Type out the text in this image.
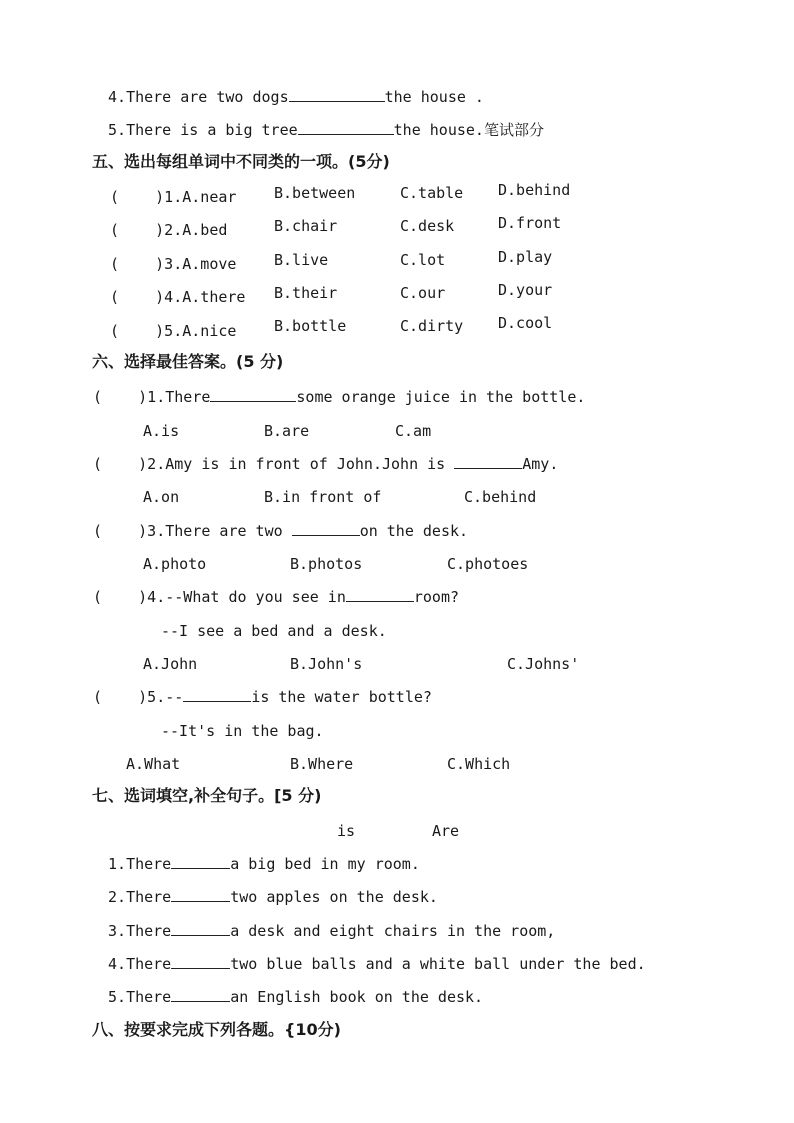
4.There are two dogs	the house .
5.There is a big tree	the house.笔试部分
五、选出每组单词中不同类的一项。(5分)
(    )1.A.near	B.between	C.table D.behind
(    )2.A.bed	B.chair	C.desk	D.front
(    )3.A.move	B.live	C.lot	D.play
(    )4.A.there B.their	C.our	D.your
(    )5.A.nice	B.bottle	C.dirty D.cool
六、选择最佳答案。(5 分)
(    )1.There	some orange juice in the bottle.
A.is	B.are	C.am
(    )2.Amy is in front of John.John is	Amy.
A.on	B.in front of	C.behind
(    )3.There are two	on the desk.
A.photo	B.photos	C.photoes
(    )4.--What do you see in	room?
--I see a bed and a desk.
A.John	B.John's	C.Johns'
(    )5.--	is the water bottle?
--It's in the bag.
A.What	B.Where	C.Which
七、选词填空,补全句子。[5 分)
is	Are
1.There	a big bed in my room.
2.There	two apples on the desk.
3.There	a desk and eight chairs in the room,
4.There	two blue balls and a white ball under the bed.
5.There	an English book on the desk.
八、按要求完成下列各题。{10分)
